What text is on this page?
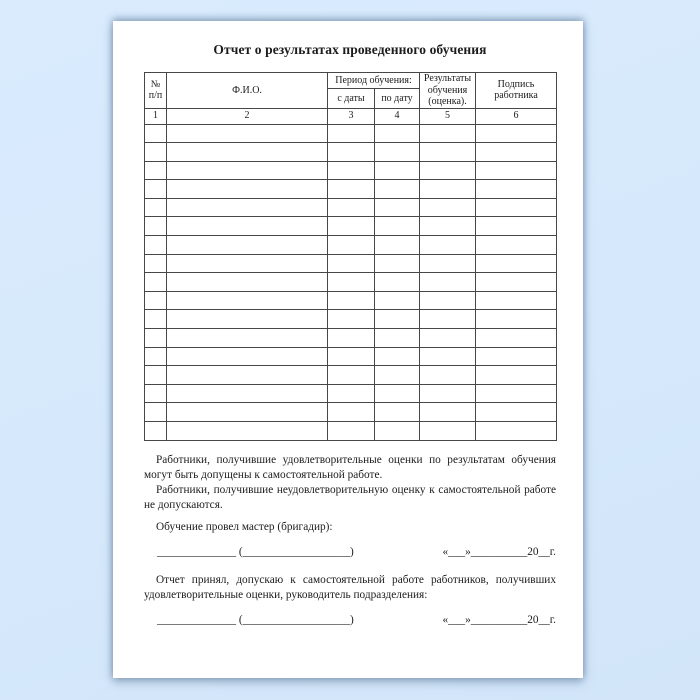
Отчет о результатах проведенного обучения
№ п/п	Ф.И.О.	Период обучения:		Результаты обучения (оценка).	Подпись работника
		с даты	по дату		
1	2	3	4	5	6

Работники, получившие удовлетворительные оценки по результатам обучения могут быть допущены к самостоятельной работе.

Работники, получившие неудовлетворительную оценку к самостоятельной работе не допускаются.

Обучение провел мастер (бригадир):

______________ (___________________)	«___»__________20__г.

Отчет принял, допускаю к самостоятельной работе работников, получивших удовлетворительные оценки, руководитель подразделения:

______________ (___________________)	«___»__________20__г.
